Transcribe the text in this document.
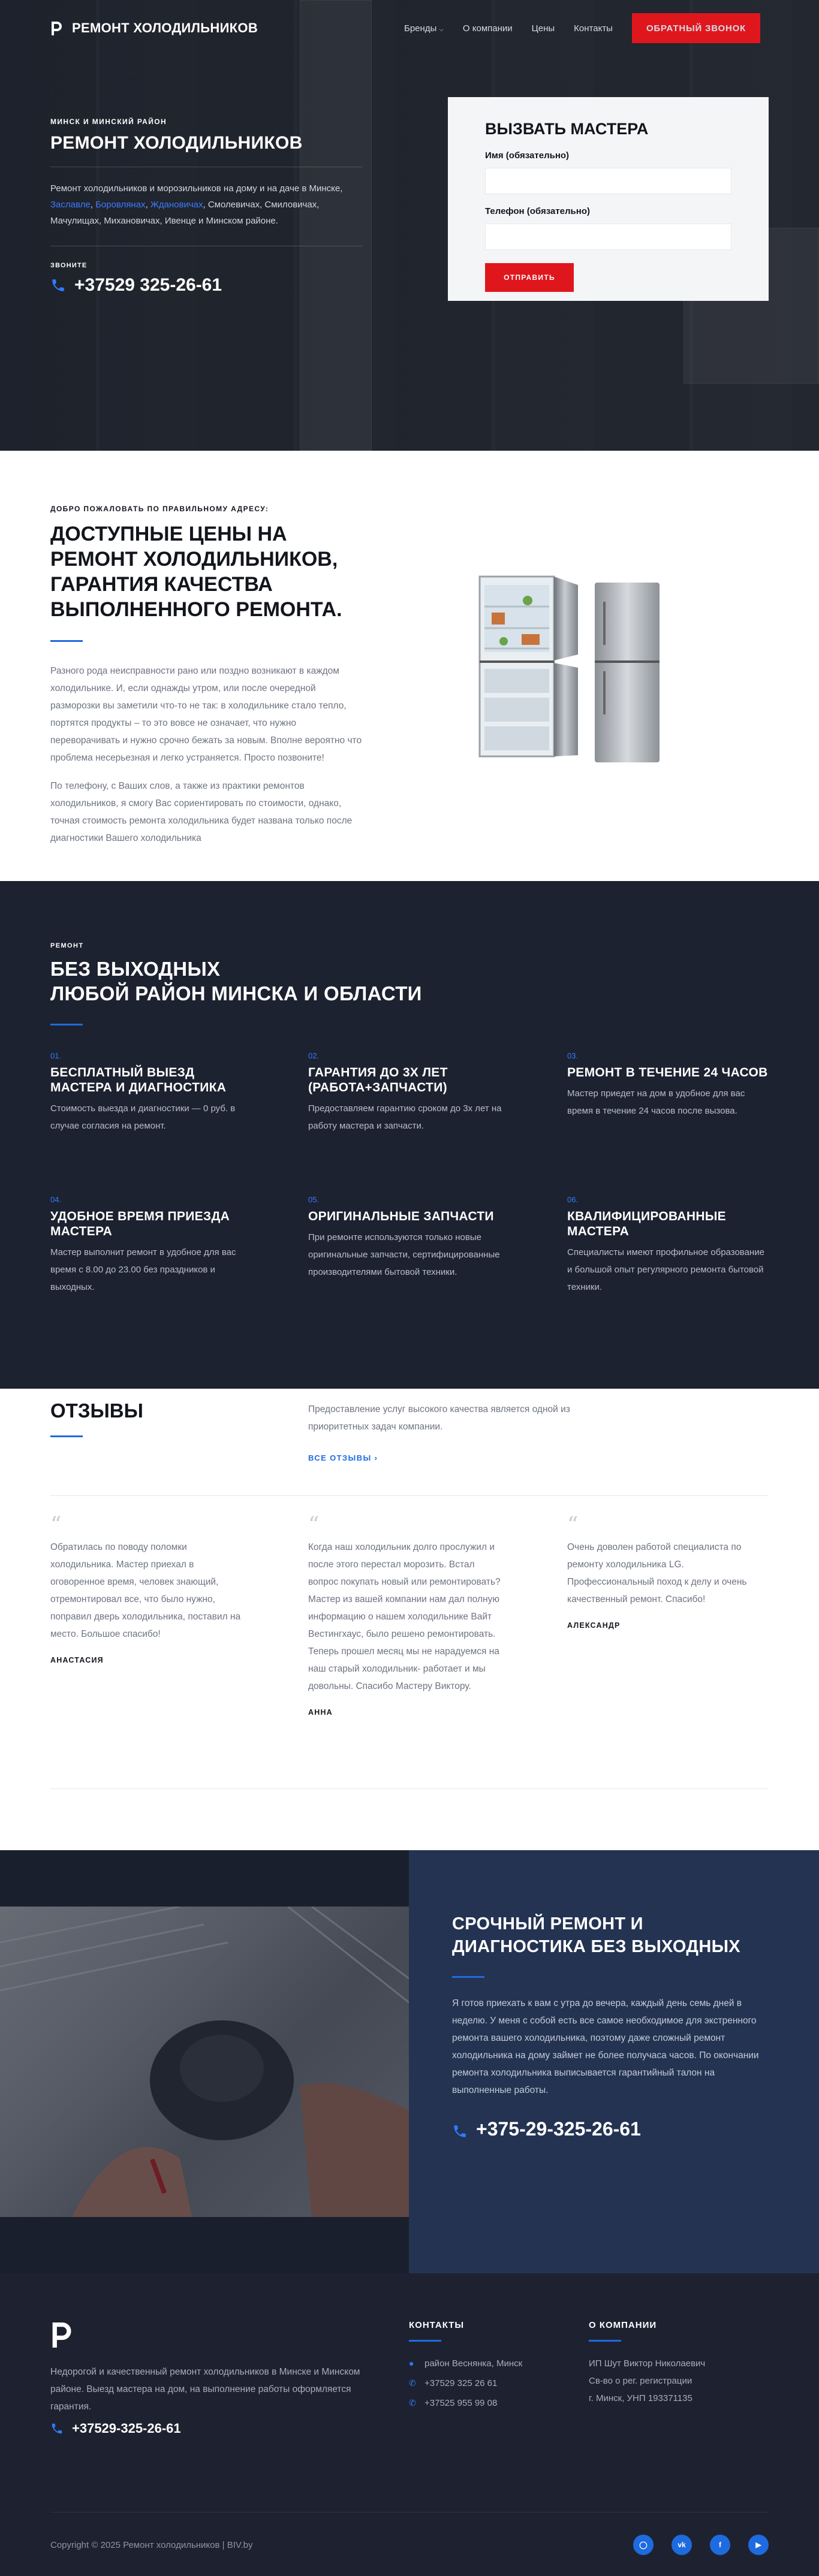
РЕМОНТ ХОЛОДИЛЬНИКОВ	Бренды ⌵ О компании Цены Контакты	ОБРАТНЫЙ ЗВОНОК
МИНСК И МИНСКИЙ РАЙОН
РЕМОНТ ХОЛОДИЛЬНИКОВ

Ремонт холодильников и морозильников на дому и на даче в Минске, Заславле, Боровлянах, Ждановичах, Смолевичах, Смиловичах, Мачулищах, Михановичах, Ивенце и Минском районе.

ЗВОНИТЕ
+37529 325-26-61
ВЫЗВАТЬ МАСТЕРА
Имя (обязательно)
Телефон (обязательно)
ОТПРАВИТЬ
ДОБРО ПОЖАЛОВАТЬ ПО ПРАВИЛЬНОМУ АДРЕСУ:
ДОСТУПНЫЕ ЦЕНЫ НА РЕМОНТ ХОЛОДИЛЬНИКОВ, ГАРАНТИЯ КАЧЕСТВА ВЫПОЛНЕННОГО РЕМОНТА.

Разного рода неисправности рано или поздно возникают в каждом холодильнике. И, если однажды утром, или после очередной разморозки вы заметили что-то не так: в холодильнике стало тепло, портятся продукты – то это вовсе не означает, что нужно переворачивать и нужно срочно бежать за новым. Вполне вероятно что проблема несерьезная и легко устраняется. Просто позвоните!

По телефону, с Ваших слов, а также из практики ремонтов холодильников, я смогу Вас сориентировать по стоимости, однако, точная стоимость ремонта холодильника будет названа только после диагностики Вашего холодильника

РЕМОНТ
БЕЗ ВЫХОДНЫХ
ЛЮБОЙ РАЙОН МИНСКА И ОБЛАСТИ
01.
БЕСПЛАТНЫЙ ВЫЕЗД МАСТЕРА И ДИАГНОСТИКА

Стоимость выезда и диагностики — 0 руб. в случае согласия на ремонт.

02.
ГАРАНТИЯ ДО 3Х ЛЕТ (РАБОТА+ЗАПЧАСТИ)

Предоставляем гарантию сроком до 3х лет на работу мастера и запчасти.

03.
РЕМОНТ В ТЕЧЕНИЕ 24 ЧАСОВ

Мастер приедет на дом в удобное для вас время в течение 24 часов после вызова.

04.
УДОБНОЕ ВРЕМЯ ПРИЕЗДА МАСТЕРА

Мастер выполнит ремонт в удобное для вас время с 8.00 до 23.00 без праздников и выходных.

05.
ОРИГИНАЛЬНЫЕ ЗАПЧАСТИ

При ремонте используются только новые оригинальные запчасти, сертифицированные производителями бытовой техники.

06.
КВАЛИФИЦИРОВАННЫЕ МАСТЕРА

Специалисты имеют профильное образование и большой опыт регулярного ремонта бытовой техники.

ОТЗЫВЫ	Предоставление услуг высокого качества является одной из приоритетных задач компании.

ВСЕ ОТЗЫВЫ ›
“

Обратилась по поводу поломки холодильника. Мастер приехал в оговоренное время, человек знающий, отремонтировал все, что было нужно, поправил дверь холодильника, поставил на место. Большое спасибо!

АНАСТАСИЯ
“

Когда наш холодильник долго прослужил и после этого перестал морозить. Встал вопрос покупать новый или ремонтировать? Мастер из вашей компании нам дал полную информацию о нашем холодильнике Вайт Вестингхаус, было решено ремонтировать. Теперь прошел месяц мы не нарадуемся на наш старый холодильник- работает и мы довольны. Спасибо Мастеру Виктору.

АННА
“

Очень доволен работой специалиста по ремонту холодильника LG. Профессиональный поход к делу и очень качественный ремонт. Спасибо!

АЛЕКСАНДР
СРОЧНЫЙ РЕМОНТ И ДИАГНОСТИКА БЕЗ ВЫХОДНЫХ

Я готов приехать к вам с утра до вечера, каждый день семь дней в неделю. У меня с собой есть все самое необходимое для экстренного ремонта вашего холодильника, поэтому даже сложный ремонт холодильника на дому займет не более получаса часов. По окончании ремонта холодильника выписывается гарантийный талон на выполненные работы.

+375-29-325-26-61

Недорогой и качественный ремонт холодильников в Минске и Минском районе. Выезд мастера на дом, на выполнение работы оформляется гарантия.

+37529-325-26-61
КОНТАКТЫ
●	район Веснянка, Минск
✆ +37529 325 26 61
✆ +37525 955 99 08
О КОМПАНИИ
ИП Шут Виктор Николаевич
Св-во о рег. регистрации
г. Минск, УНП 193371135
Copyright © 2025 Ремонт холодильников | BIV.by	◯	vk	f	▶
